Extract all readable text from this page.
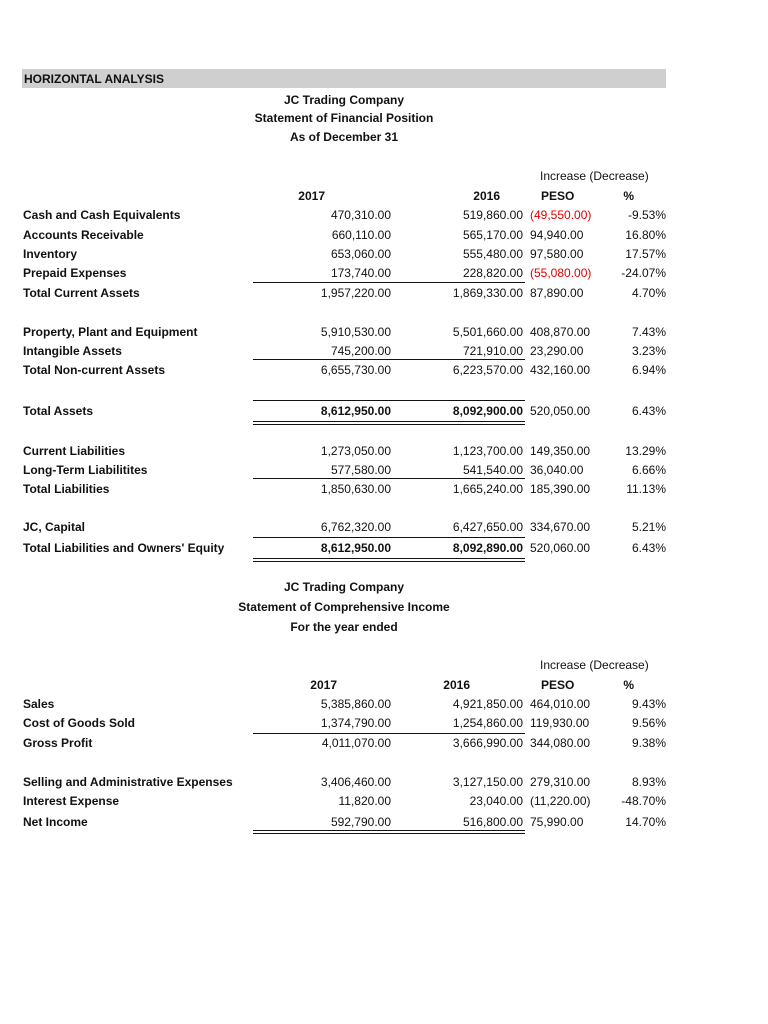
HORIZONTAL ANALYSIS
JC Trading Company
Statement of Financial Position
As of December 31
Increase (Decrease)
2017	2016	PESO	%
Cash and Cash Equivalents	470,310.00	519,860.00 (49,550.00)	-9.53%
Accounts Receivable	660,110.00	565,170.00 94,940.00	16.80%
Inventory	653,060.00	555,480.00 97,580.00	17.57%
Prepaid Expenses	173,740.00	228,820.00 (55,080.00) -24.07%
Total Current Assets	1,957,220.00	1,869,330.00 87,890.00	4.70%
Property, Plant and Equipment	5,910,530.00	5,501,660.00 408,870.00	7.43%
Intangible Assets	745,200.00	721,910.00 23,290.00	3.23%
Total Non-current Assets	6,655,730.00	6,223,570.00 432,160.00	6.94%
Total Assets	8,612,950.00	8,092,900.00 520,050.00	6.43%
Current Liabilities	1,273,050.00	1,123,700.00 149,350.00	13.29%
Long-Term Liabilitites	577,580.00	541,540.00 36,040.00	6.66%
Total Liabilities	1,850,630.00	1,665,240.00 185,390.00	11.13%
JC, Capital	6,762,320.00	6,427,650.00 334,670.00	5.21%
Total Liabilities and Owners' Equity	8,612,950.00	8,092,890.00 520,060.00	6.43%
JC Trading Company
Statement of Comprehensive Income
For the year ended
Increase (Decrease)
2017	2016	PESO	%
Sales	5,385,860.00	4,921,850.00 464,010.00	9.43%
Cost of Goods Sold	1,374,790.00	1,254,860.00 119,930.00	9.56%
Gross Profit	4,011,070.00	3,666,990.00 344,080.00	9.38%
Selling and Administrative Expenses	3,406,460.00	3,127,150.00 279,310.00	8.93%
Interest Expense	11,820.00	23,040.00 (11,220.00)	-48.70%
Net Income	592,790.00	516,800.00 75,990.00	14.70%
